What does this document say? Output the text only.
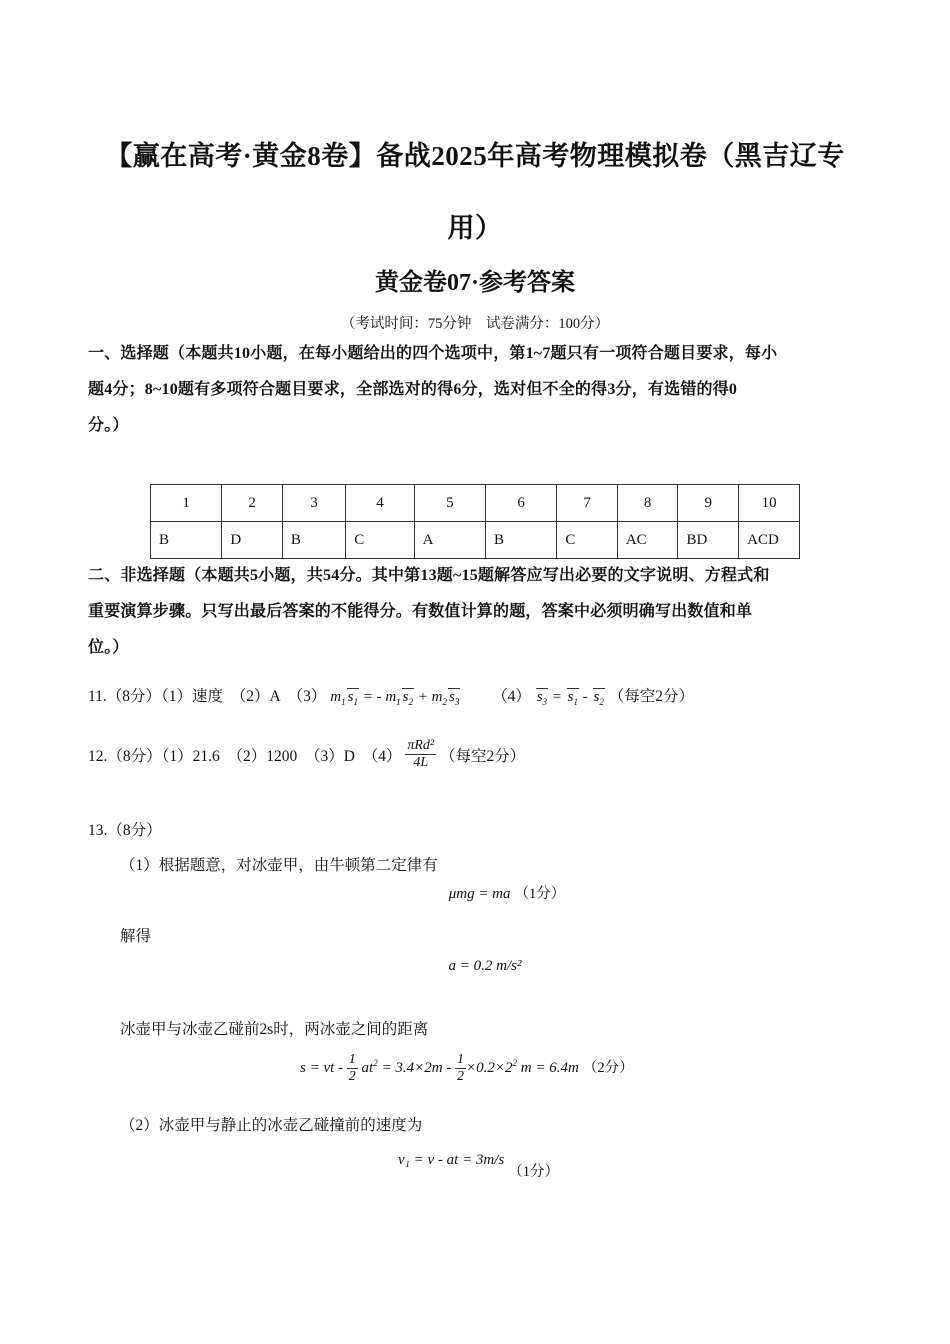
【赢在高考·黄金8卷】备战2025年高考物理模拟卷（黑吉辽专
用）
黄金卷07·参考答案
（考试时间：75分钟　试卷满分：100分）
一、选择题（本题共10小题，在每小题给出的四个选项中，第1~7题只有一项符合题目要求，每小
题4分；8~10题有多项符合题目要求，全部选对的得6分，选对但不全的得3分，有选错的得0
分。）
1	2	3	4	5	6	7	8	9	10
B	D	B	C	A	B	C	AC	BD	ACD
二、非选择题（本题共5小题，共54分。其中第13题~15题解答应写出必要的文字说明、方程式和
重要演算步骤。只写出最后答案的不能得分。有数值计算的题，答案中必须明确写出数值和单
位。）
11.（8分）（1）速度　（2）A　（3） $m_1$ $s_1$ = - $m_1$ $s_2 + m_2$ $s_3$ （4） $s_3 = s_1 - s_2$ （每空2分）
12.（8分）（1）21.6　（2）1200　（3）D　$(4) \frac{\text{πRd²}}{4L}$ （每空2分）
13.（8分）
（1）根据题意，对冰壶甲，由牛顿第二定律有
μmg = ma （1分）
解得
a = 0.2 m/s²
冰壶甲与冰壶乙碰前2s时，两冰壶之间的距离
s = vt - $\frac{1}{2} at^2 = 3.4\times 2m - \frac{1}{2} \times 0.2\times 2^2$ m = 6.4m （2分）
（2）冰壶甲与静止的冰壶乙碰撞前的速度为
v₁ = v - at = 3m/s （1分）
